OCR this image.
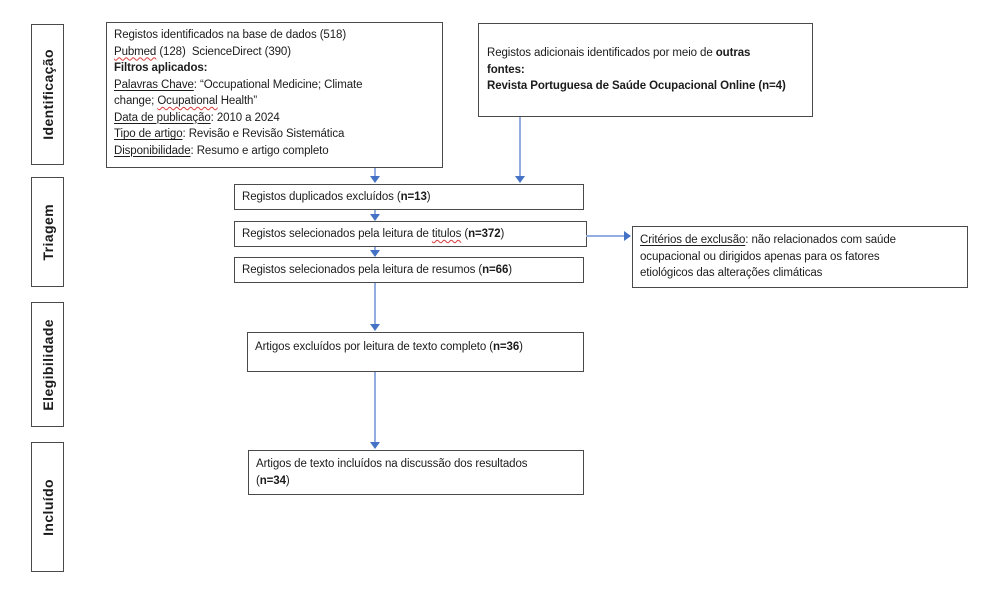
Identificação
Triagem
Elegibilidade
Incluído
Registos identificados na base de dados (518)
Pubmed (128)  ScienceDirect (390)
Filtros aplicados:
Palavras Chave: “Occupational Medicine; Climate
change; Ocupational Health”
Data de publicação: 2010 a 2024
Tipo de artigo: Revisão e Revisão Sistemática
Disponibilidade: Resumo e artigo completo
Registos adicionais identificados por meio de outras
fontes:
Revista Portuguesa de Saúde Ocupacional Online (n=4)
Registos duplicados excluídos (n=13)
Registos selecionados pela leitura de titulos (n=372)
Registos selecionados pela leitura de resumos (n=66)
Critérios de exclusão: não relacionados com saúde
ocupacional ou dirigidos apenas para os fatores
etiológicos das alterações climáticas
Artigos excluídos por leitura de texto completo (n=36)
Artigos de texto incluídos na discussão dos resultados
(n=34)
